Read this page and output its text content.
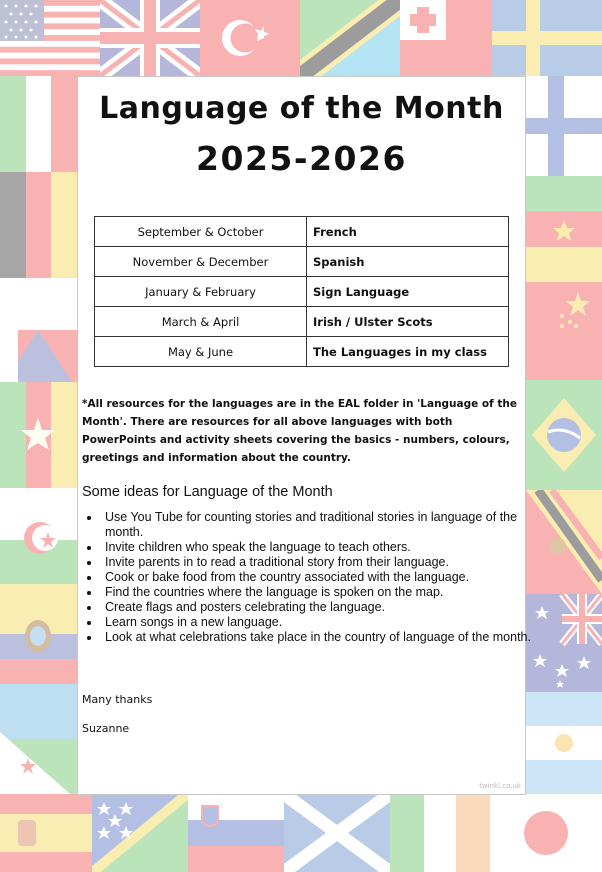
Language of the Month
2025-2026
September & October	French
November & December	Spanish
January & February	Sign Language
March & April	Irish / Ulster Scots
May & June	The Languages in my class
*All resources for the languages are in the EAL folder in 'Language of the Month'. There are resources for all above languages with both PowerPoints and activity sheets covering the basics - numbers, colours, greetings and information about the country.
Some ideas for Language of the Month
• Use You Tube for counting stories and traditional stories in language of the month.
• Invite children who speak the language to teach others.
• Invite parents in to read a traditional story from their language.
• Cook or bake food from the country associated with the language.
• Find the countries where the language is spoken on the map.
• Create flags and posters celebrating the language.
• Learn songs in a new language.
• Look at what celebrations take place in the country of language of the month.
Many thanks
Suzanne
twinkl.co.uk
